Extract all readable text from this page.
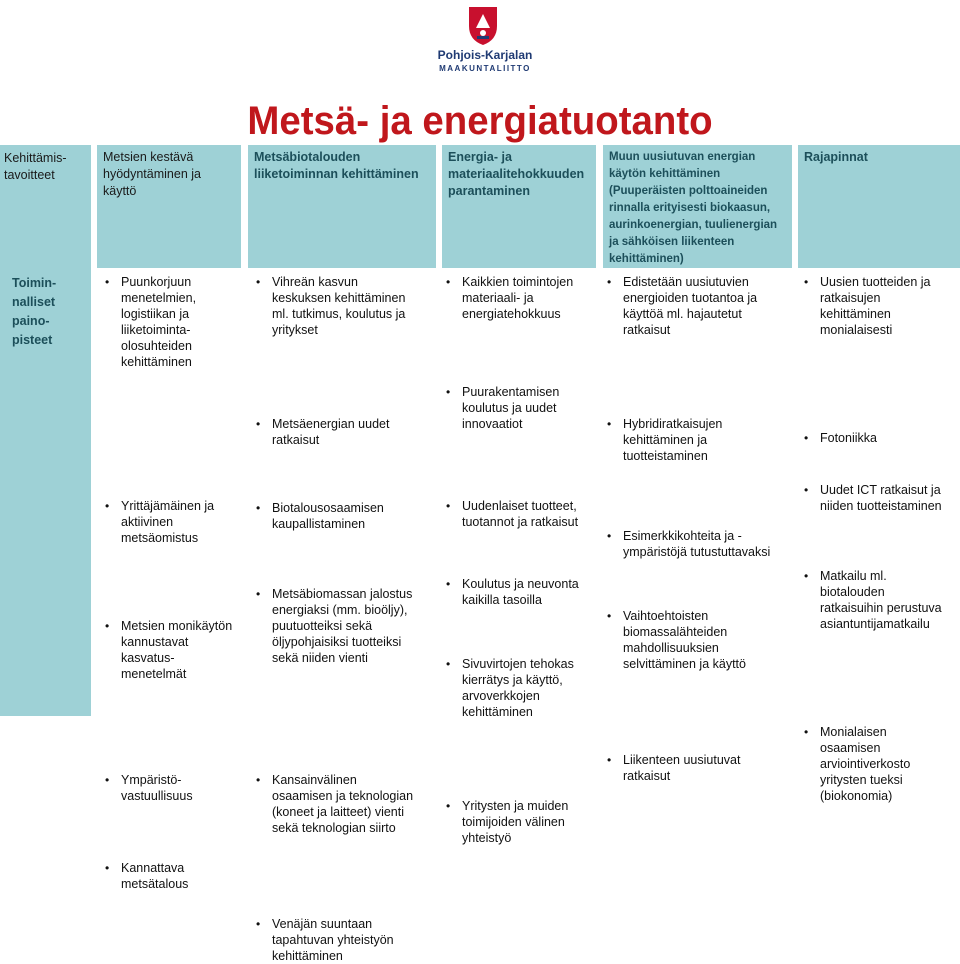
Pohjois-Karjalan
MAAKUNTALIITTO
Metsä- ja energiatuotanto
Kehittämis-
tavoitteet
Toimin-
nalliset
paino-
pisteet
Metsien kestävä
hyödyntäminen ja
käyttö
Metsäbiotalouden
liiketoiminnan kehittäminen
Energia- ja
materiaalitehokkuuden
parantaminen
Muun uusiutuvan energian
käytön kehittäminen
(Puuperäisten polttoaineiden
rinnalla erityisesti biokaasun,
aurinkoenergian, tuulienergian
ja sähköisen liikenteen
kehittäminen)
Rajapinnat
• Puunkorjuun
menetelmien,
logistiikan ja
liiketoiminta-
olosuhteiden
kehittäminen
• Yrittäjämäinen ja
aktiivinen
metsäomistus
• Metsien monikäytön
kannustavat
kasvatus-
menetelmät
• Ympäristö-
vastuullisuus
• Kannattava
metsätalous
• Vihreän kasvun
keskuksen kehittäminen
ml. tutkimus, koulutus ja
yritykset
• Metsäenergian uudet
ratkaisut
• Biotalousosaamisen
kaupallistaminen
• Metsäbiomassan jalostus
energiaksi (mm. bioöljy),
puutuotteiksi sekä
öljypohjaisiksi tuotteiksi
sekä niiden vienti
• Kansainvälinen
osaamisen ja teknologian
(koneet ja laitteet) vienti
sekä teknologian siirto
• Venäjän suuntaan
tapahtuvan yhteistyön
kehittäminen
• Kaikkien toimintojen
materiaali- ja
energiatehokkuus
• Puurakentamisen
koulutus ja uudet
innovaatiot
• Uudenlaiset tuotteet,
tuotannot ja ratkaisut
• Koulutus ja neuvonta
kaikilla tasoilla
• Sivuvirtojen tehokas
kierrätys ja käyttö,
arvoverkkojen
kehittäminen
• Yritysten ja muiden
toimijoiden välinen
yhteistyö
• Edistetään uusiutuvien
energioiden tuotantoa ja
käyttöä ml. hajautetut
ratkaisut
• Hybridiratkaisujen
kehittäminen ja
tuotteistaminen
• Esimerkkikohteita ja -
ympäristöjä tutustuttavaksi
• Vaihtoehtoisten
biomassalähteiden
mahdollisuuksien
selvittäminen ja käyttö
• Liikenteen uusiutuvat
ratkaisut
• Uusien tuotteiden ja
ratkaisujen
kehittäminen
monialaisesti
• Fotoniikka
• Uudet ICT ratkaisut ja
niiden tuotteistaminen
• Matkailu ml.
biotalouden
ratkaisuihin perustuva
asiantuntijamatkailu
• Monialaisen
osaamisen
arviointiverkosto
yritysten tueksi
(biokonomia)
